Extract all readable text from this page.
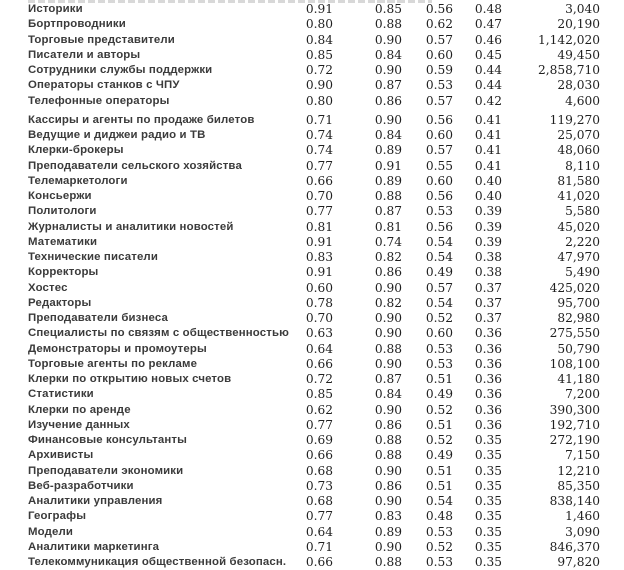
Историки	0.91	0.85	0.56	0.48	3,040
Бортпроводники	0.80	0.88	0.62	0.47	20,190
Торговые представители	0.84	0.90	0.57	0.46	1,142,020
Писатели и авторы	0.85	0.84	0.60	0.45	49,450
Сотрудники службы поддержки	0.72	0.90	0.59	0.44	2,858,710
Операторы станков с ЧПУ	0.90	0.87	0.53	0.44	28,030
Телефонные операторы	0.80	0.86	0.57	0.42	4,600
Кассиры и агенты по продаже билетов	0.71	0.90	0.56	0.41	119,270
Ведущие и диджеи радио и ТВ	0.74	0.84	0.60	0.41	25,070
Клерки-брокеры	0.74	0.89	0.57	0.41	48,060
Преподаватели сельского хозяйства	0.77	0.91	0.55	0.41	8,110
Телемаркетологи	0.66	0.89	0.60	0.40	81,580
Консьержи	0.70	0.88	0.56	0.40	41,020
Политологи	0.77	0.87	0.53	0.39	5,580
Журналисты и аналитики новостей	0.81	0.81	0.56	0.39	45,020
Математики	0.91	0.74	0.54	0.39	2,220
Технические писатели	0.83	0.82	0.54	0.38	47,970
Корректоры	0.91	0.86	0.49	0.38	5,490
Хостес	0.60	0.90	0.57	0.37	425,020
Редакторы	0.78	0.82	0.54	0.37	95,700
Преподаватели бизнеса	0.70	0.90	0.52	0.37	82,980
Специалисты по связям с общественностью	0.63	0.90	0.60	0.36	275,550
Демонстраторы и промоутеры	0.64	0.88	0.53	0.36	50,790
Торговые агенты по рекламе	0.66	0.90	0.53	0.36	108,100
Клерки по открытию новых счетов	0.72	0.87	0.51	0.36	41,180
Статистики	0.85	0.84	0.49	0.36	7,200
Клерки по аренде	0.62	0.90	0.52	0.36	390,300
Изучение данных	0.77	0.86	0.51	0.36	192,710
Финансовые консультанты	0.69	0.88	0.52	0.35	272,190
Архивисты	0.66	0.88	0.49	0.35	7,150
Преподаватели экономики	0.68	0.90	0.51	0.35	12,210
Веб-разработчики	0.73	0.86	0.51	0.35	85,350
Аналитики управления	0.68	0.90	0.54	0.35	838,140
Географы	0.77	0.83	0.48	0.35	1,460
Модели	0.64	0.89	0.53	0.35	3,090
Аналитики маркетинга	0.71	0.90	0.52	0.35	846,370
Телекоммуникация общественной безопасн.	0.66	0.88	0.53	0.35	97,820
